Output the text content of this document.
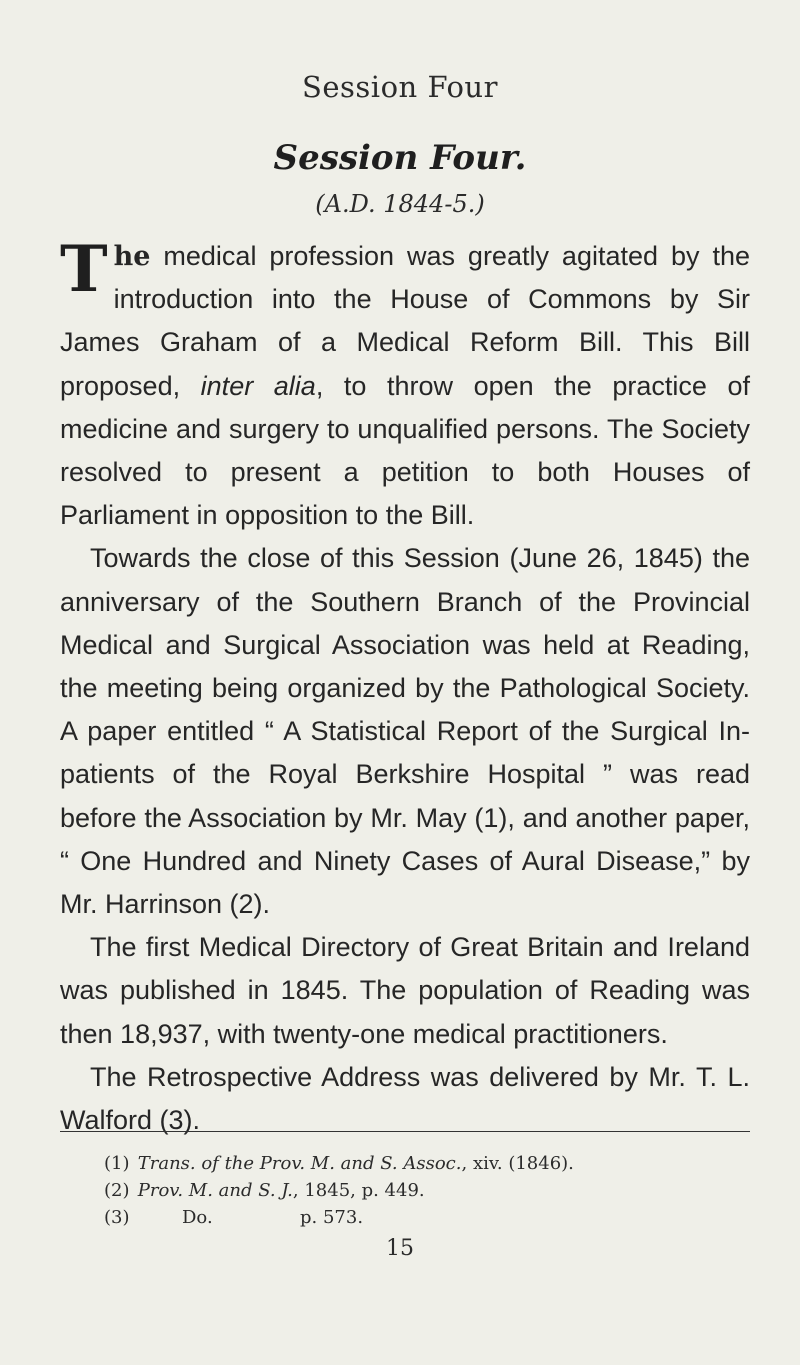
Session Four
Session Four.
(A.D. 1844-5.)

The medical profession was greatly agitated by the introduction into the House of Commons by Sir James Graham of a Medical Reform Bill. This Bill proposed, inter alia, to throw open the practice of medicine and surgery to unqualified persons. The Society resolved to present a petition to both Houses of Parliament in opposition to the Bill.

Towards the close of this Session (June 26, 1845) the anniversary of the Southern Branch of the Provincial Medical and Surgical Association was held at Reading, the meeting being organized by the Pathological Society. A paper entitled “ A Statistical Report of the Surgical In-patients of the Royal Berkshire Hospital ” was read before the Association by Mr. May (1), and another paper, “ One Hundred and Ninety Cases of Aural Disease,” by Mr. Harrinson (2).

The first Medical Directory of Great Britain and Ireland was published in 1845. The population of Reading was then 18,937, with twenty-one medical practitioners.

The Retrospective Address was delivered by Mr. T. L. Walford (3).

(1) Trans. of the Prov. M. and S. Assoc., xiv. (1846).
(2) Prov. M. and S. J., 1845, p. 449.
(3)	Do.	p. 573.
15
